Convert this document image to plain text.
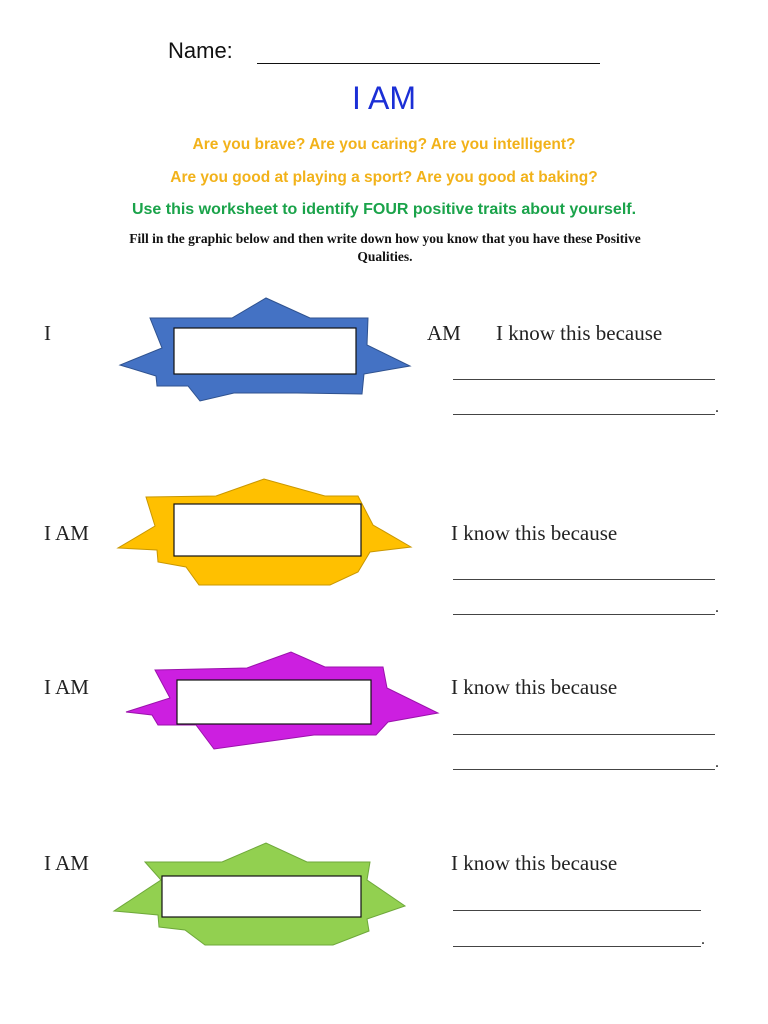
Name:
I AM
Are you brave? Are you caring? Are you intelligent?
Are you good at playing a sport? Are you good at baking?
Use this worksheet to identify FOUR positive traits about yourself.
Fill in the graphic below and then write down how you know that you have these Positive
Qualities.
I	AM I know this because
.
I AM	I know this because
.
I AM	I know this because
.
I AM	I know this because
.
